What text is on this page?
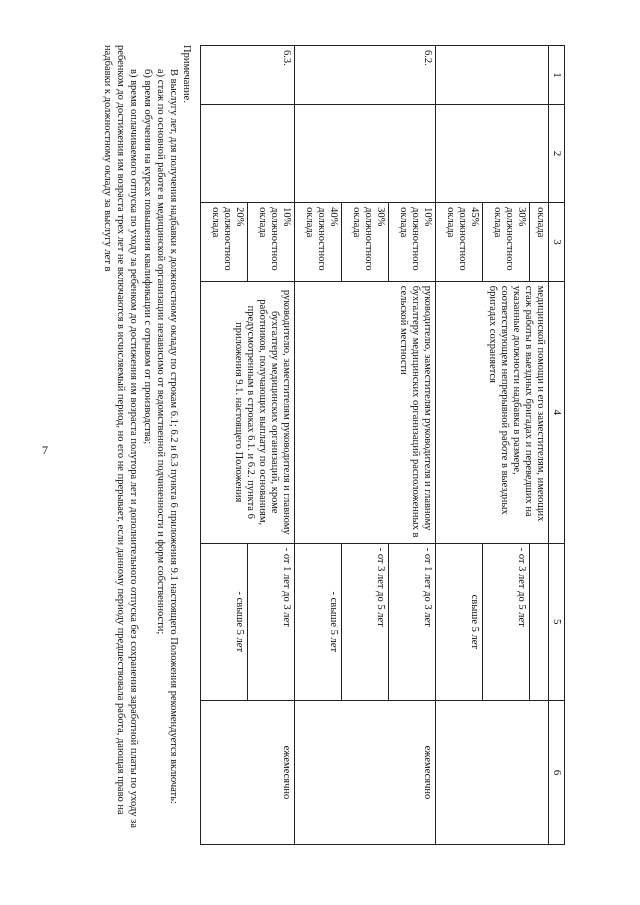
7
1	2	3	4	5	6
		оклада	медицинской помощи и его заместителям, имеющих стаж работы в выездных бригадах и переведших на указанные должности надбавка в размере, соответствующем непрерывной работе в выездных бригадах сохраняется		
		30% должностного оклада		- от 3 лет до 5 лет	
		45% должностного оклада		свыше 5 лет	
6.2.		10% должностного оклада	руководителю, заместителям руководителя и главному бухгалтеру медицинских организаций расположенных в сельской местности	- от 1 лет до 3 лет	ежемесячно
		30% должностного оклада		- от 3 лет до 5 лет	
		40% должностного оклада		- свыше 5 лет	
6.3.		10% должностного оклада	руководителю, заместителям руководителя и главному бухгалтеру медицинских организаций, кроме работников, получающих выплату по основаниям, предусмотренным в строках 6.1. и 6.2. пункта 6 приложения 9.1. настоящего Положения	- от 1 лет до 3 лет	ежемесячно
		20% должностного оклада		- свыше 5 лет	

Примечание.

В выслугу лет, для получения надбавки к должностному окладу по строкам 6.1; 6.2 и 6.3 пункта 6 приложения 9.1 настоящего Положения рекомендуется включать:

а) стаж по основной работе в медицинской организации независимо от ведомственной подчиненности и форм собственности;

б) время обучения на курсах повышения квалификации с отрывом от производства;

в) время оплачиваемого отпуска по уходу за ребенком до достижения им возраста полутора лет и дополнительного отпуска без сохранения заработной платы по уходу за ребенком до достижения им возраста трех лет не включаются в исчисляемый период, но его не прерывает, если данному периоду предшествовала работа, дающая право на надбавки к должностному окладу за выслугу лет в
